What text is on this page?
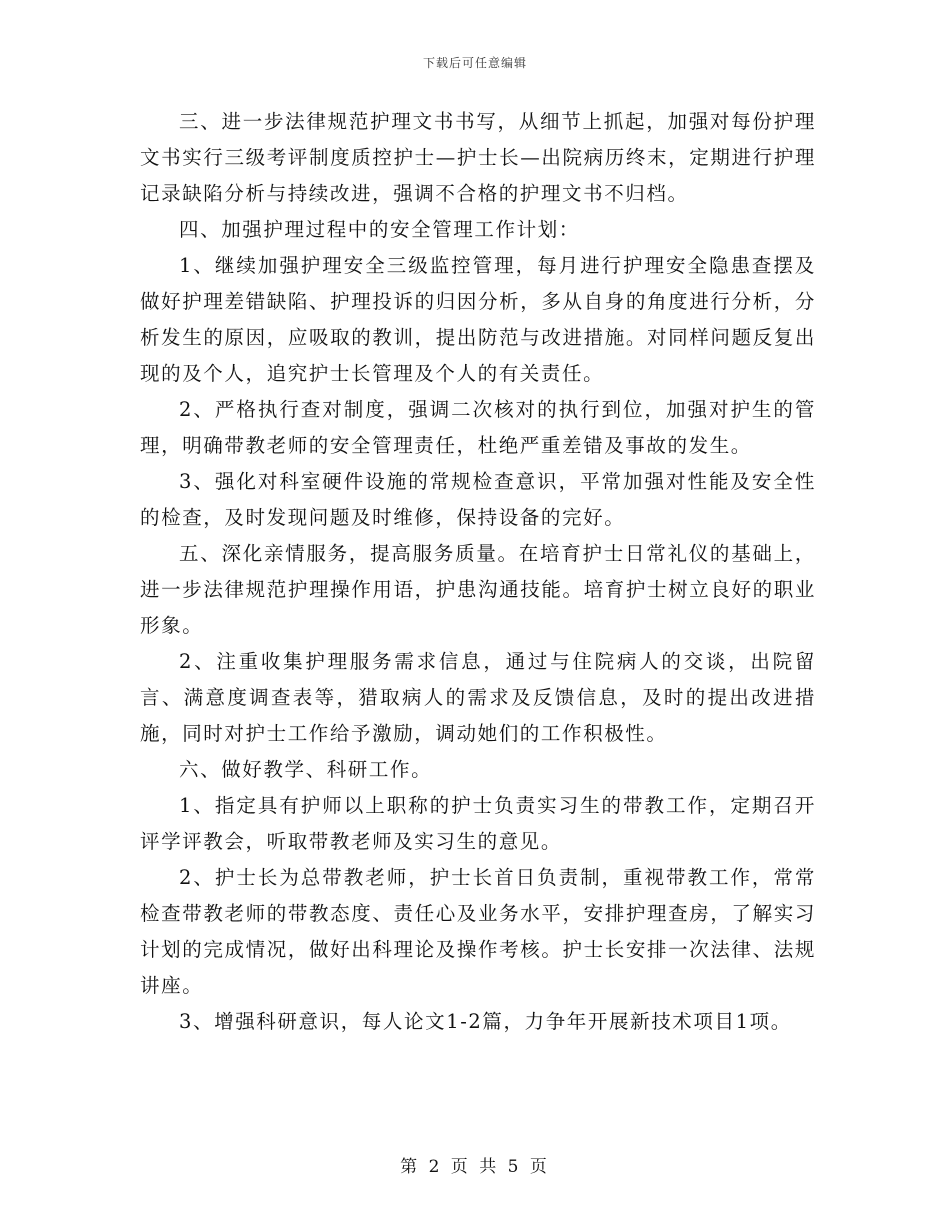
下载后可任意编辑

三、进一步法律规范护理文书书写，从细节上抓起，加强对每份护理文书实行三级考评制度质控护士—护士长—出院病历终末，定期进行护理记录缺陷分析与持续改进，强调不合格的护理文书不归档。

四、加强护理过程中的安全管理工作计划：

1、继续加强护理安全三级监控管理，每月进行护理安全隐患查摆及做好护理差错缺陷、护理投诉的归因分析，多从自身的角度进行分析，分析发生的原因，应吸取的教训，提出防范与改进措施。对同样问题反复出现的及个人，追究护士长管理及个人的有关责任。

2、严格执行查对制度，强调二次核对的执行到位，加强对护生的管理，明确带教老师的安全管理责任，杜绝严重差错及事故的发生。

3、强化对科室硬件设施的常规检查意识，平常加强对性能及安全性的检查，及时发现问题及时维修，保持设备的完好。

五、深化亲情服务，提高服务质量。在培育护士日常礼仪的基础上，进一步法律规范护理操作用语，护患沟通技能。培育护士树立良好的职业形象。

2、注重收集护理服务需求信息，通过与住院病人的交谈，出院留言、满意度调查表等，猎取病人的需求及反馈信息，及时的提出改进措施，同时对护士工作给予激励，调动她们的工作积极性。

六、做好教学、科研工作。

1、指定具有护师以上职称的护士负责实习生的带教工作，定期召开评学评教会，听取带教老师及实习生的意见。

2、护士长为总带教老师，护士长首日负责制，重视带教工作，常常检查带教老师的带教态度、责任心及业务水平，安排护理查房，了解实习计划的完成情况，做好出科理论及操作考核。护士长安排一次法律、法规讲座。

3、增强科研意识，每人论文1-2篇，力争年开展新技术项目1项。

第 2 页 共 5 页
